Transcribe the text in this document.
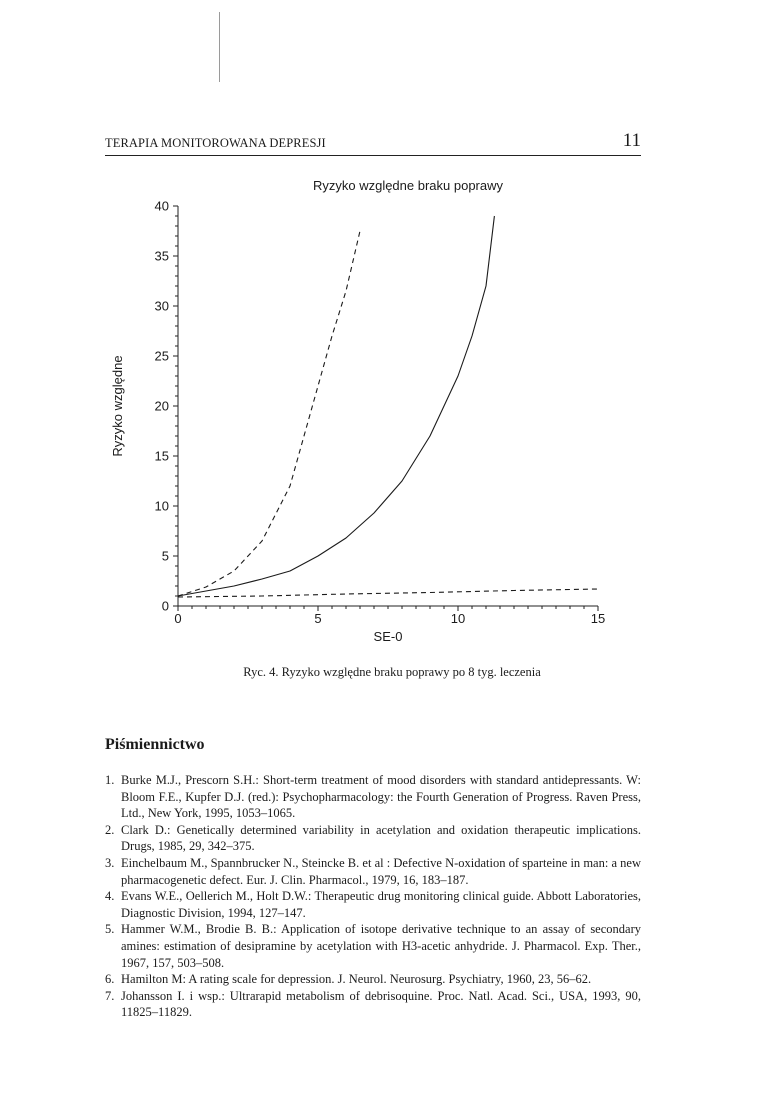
TERAPIA MONITOROWANA DEPRESJI	11
Ryzyko względne braku poprawy
0
5
10
15
20
25
30
35
40
0	5	10	15
SE-0
Ryzyko względne
Ryc. 4. Ryzyko względne braku poprawy po 8 tyg. leczenia
Piśmiennictwo
1. Burke M.J., Prescorn S.H.: Short-term treatment of mood disorders with standard antidepressants. W: Bloom F.E., Kupfer D.J. (red.): Psychopharmacology: the Fourth Generation of Progress. Raven Press, Ltd., New York, 1995, 1053–1065.
2. Clark D.: Genetically determined variability in acetylation and oxidation therapeutic implications. Drugs, 1985, 29, 342–375.
3. Einchelbaum M., Spannbrucker N., Steincke B. et al : Defective N-oxidation of sparteine in man: a new pharmacogenetic defect. Eur. J. Clin. Pharmacol., 1979, 16, 183–187.
4. Evans W.E., Oellerich M., Holt D.W.: Therapeutic drug monitoring clinical guide. Abbott Laboratories, Diagnostic Division, 1994, 127–147.
5. Hammer W.M., Brodie B. B.: Application of isotope derivative technique to an assay of secondary amines: estimation of desipramine by acetylation with H3-acetic anhydride. J. Pharmacol. Exp. Ther., 1967, 157, 503–508.
6. Hamilton M: A rating scale for depression. J. Neurol. Neurosurg. Psychiatry, 1960, 23, 56–62.
7. Johansson I. i wsp.: Ultrarapid metabolism of debrisoquine. Proc. Natl. Acad. Sci., USA, 1993, 90, 11825–11829.
